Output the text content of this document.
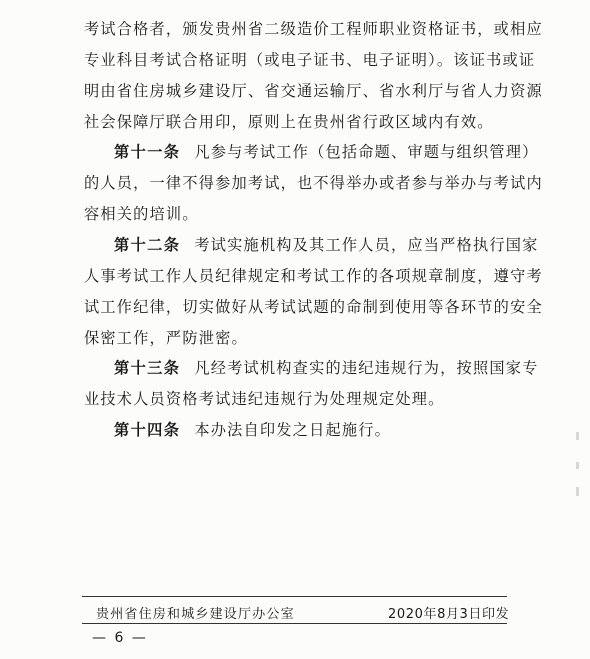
考试合格者，颁发贵州省二级造价工程师职业资格证书，或相应
专业科目考试合格证明（或电子证书、电子证明）。该证书或证
明由省住房城乡建设厅、省交通运输厅、省水利厅与省人力资源
社会保障厅联合用印，原则上在贵州省行政区域内有效。
第十一条 凡参与考试工作（包括命题、审题与组织管理）
的人员，一律不得参加考试，也不得举办或者参与举办与考试内
容相关的培训。
第十二条 考试实施机构及其工作人员，应当严格执行国家
人事考试工作人员纪律规定和考试工作的各项规章制度，遵守考
试工作纪律，切实做好从考试试题的命制到使用等各环节的安全
保密工作，严防泄密。
第十三条 凡经考试机构查实的违纪违规行为，按照国家专
业技术人员资格考试违纪违规行为处理规定处理。
第十四条 本办法自印发之日起施行。
贵州省住房和城乡建设厅办公室	2020年8月3日印发
— 6 —
